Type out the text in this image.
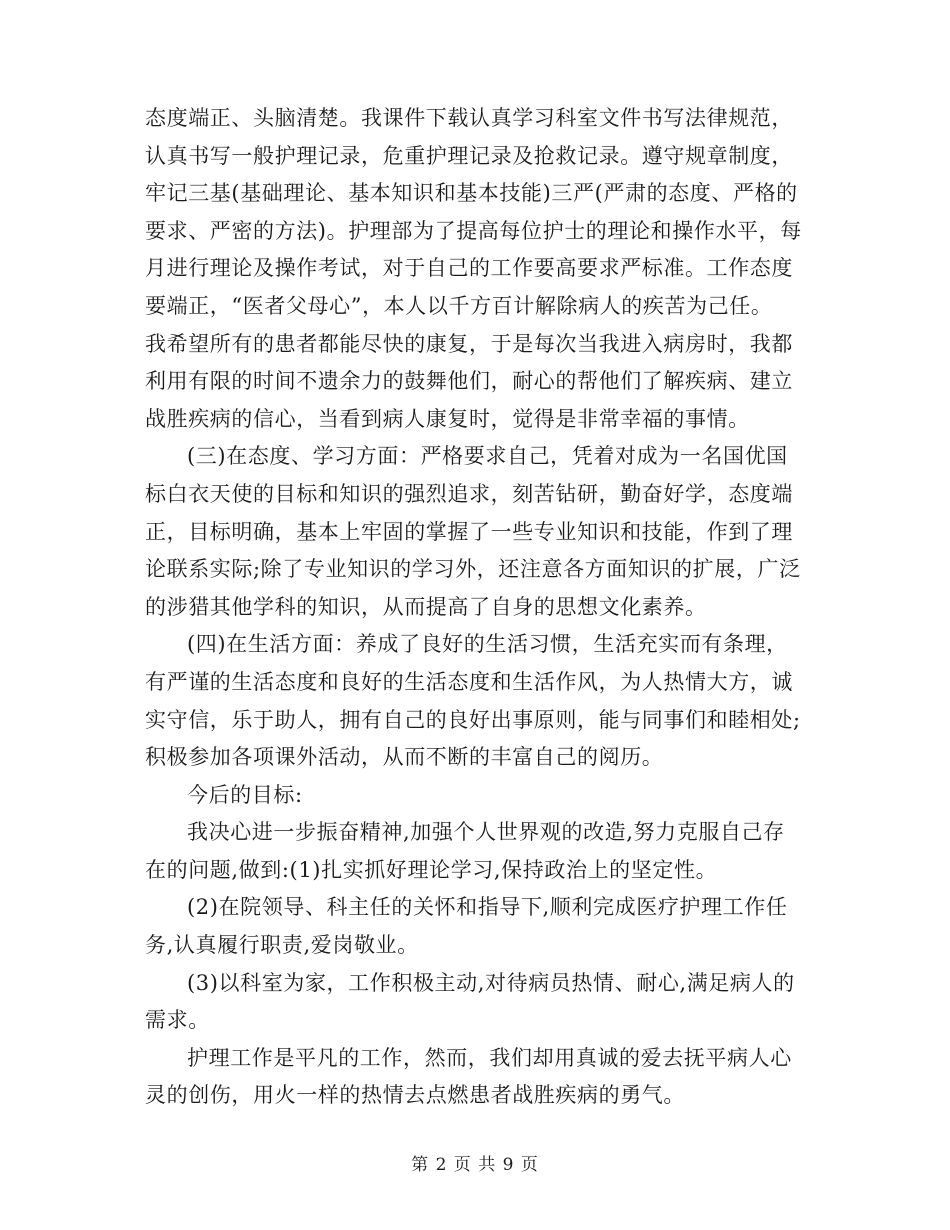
态度端正、头脑清楚。我课件下载认真学习科室文件书写法律规范，
认真书写一般护理记录，危重护理记录及抢救记录。遵守规章制度，
牢记三基(基础理论、基本知识和基本技能)三严(严肃的态度、严格的
要求、严密的方法)。护理部为了提高每位护士的理论和操作水平，每
月进行理论及操作考试，对于自己的工作要高要求严标准。工作态度
要端正，“医者父母心”，本人以千方百计解除病人的疾苦为己任。
我希望所有的患者都能尽快的康复，于是每次当我进入病房时，我都
利用有限的时间不遗余力的鼓舞他们，耐心的帮他们了解疾病、建立
战胜疾病的信心，当看到病人康复时，觉得是非常幸福的事情。
(三)在态度、学习方面：严格要求自己，凭着对成为一名国优国
标白衣天使的目标和知识的强烈追求，刻苦钻研，勤奋好学，态度端
正，目标明确，基本上牢固的掌握了一些专业知识和技能，作到了理
论联系实际;除了专业知识的学习外，还注意各方面知识的扩展，广泛
的涉猎其他学科的知识，从而提高了自身的思想文化素养。
(四)在生活方面：养成了良好的生活习惯，生活充实而有条理，
有严谨的生活态度和良好的生活态度和生活作风，为人热情大方，诚
实守信，乐于助人，拥有自己的良好出事原则，能与同事们和睦相处;
积极参加各项课外活动，从而不断的丰富自己的阅历。
今后的目标:
我决心进一步振奋精神,加强个人世界观的改造,努力克服自己存
在的问题,做到:(1)扎实抓好理论学习,保持政治上的坚定性。
(2)在院领导、科主任的关怀和指导下,顺利完成医疗护理工作任
务,认真履行职责,爱岗敬业。
(3)以科室为家，工作积极主动,对待病员热情、耐心,满足病人的
需求。
护理工作是平凡的工作，然而，我们却用真诚的爱去抚平病人心
灵的创伤，用火一样的热情去点燃患者战胜疾病的勇气。
第 2 页 共 9 页
